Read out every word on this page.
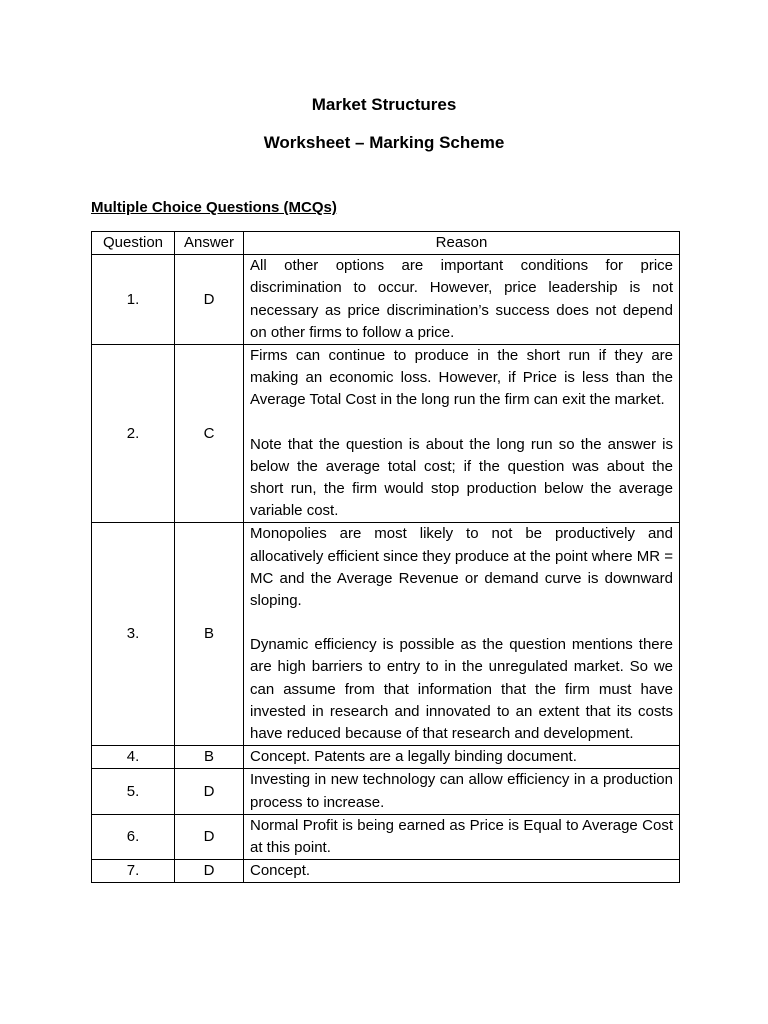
Market Structures
Worksheet – Marking Scheme

Multiple Choice Questions (MCQs)

Question	Answer	Reason
1.	D	All other options are important conditions for price discrimination to occur. However, price leadership is not necessary as price discrimination’s success does not depend on other firms to follow a price.

2.	C	Firms can continue to produce in the short run if they are making an economic loss. However, if Price is less than the Average Total Cost in the long run the firm can exit the market.
Note that the question is about the long run so the answer is below the average total cost; if the question was about the short run, the firm would stop production below the average variable cost.

3.	B	Monopolies are most likely to not be productively and allocatively efficient since they produce at the point where MR = MC and the Average Revenue or demand curve is downward sloping.
Dynamic efficiency is possible as the question mentions there are high barriers to entry to in the unregulated market. So we can assume from that information that the firm must have invested in research and innovated to an extent that its costs have reduced because of that research and development.

4.	B	Concept. Patents are a legally binding document.

5.	D	Investing in new technology can allow efficiency in a production process to increase.

6.	D	Normal Profit is being earned as Price is Equal to Average Cost at this point.

7.	D	Concept.
